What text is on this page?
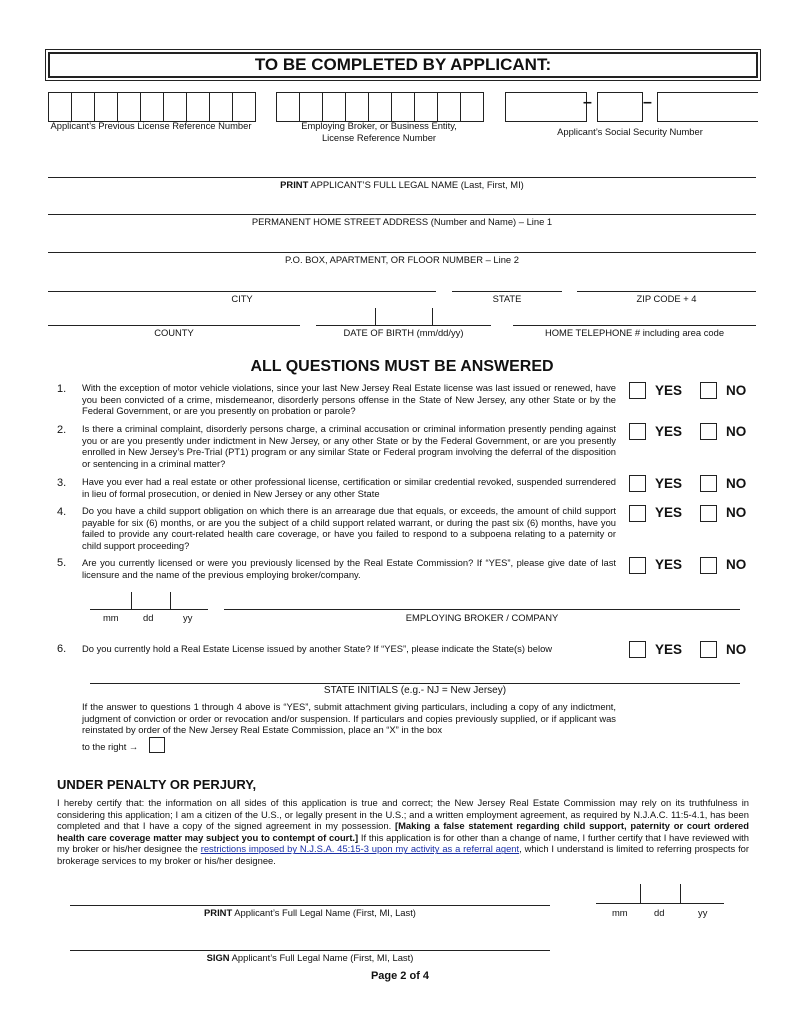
TO BE COMPLETED BY APPLICANT:
Applicant’s Previous License Reference Number	Employing Broker, or Business Entity, License Reference Number
–	–
Applicant’s Social Security Number
PRINT APPLICANT’S FULL LEGAL NAME (Last, First, MI)
PERMANENT HOME STREET ADDRESS (Number and Name) – Line 1
P.O. BOX, APARTMENT, OR FLOOR NUMBER – Line 2
CITY	STATE	ZIP CODE + 4
COUNTY	DATE OF BIRTH (mm/dd/yy)	HOME TELEPHONE # including area code
ALL QUESTIONS MUST BE ANSWERED
1. With the exception of motor vehicle violations, since your last New Jersey Real Estate license was last issued or renewed, have you been convicted of a crime, misdemeanor, disorderly persons offense in the State of New Jersey, any other State or by the Federal Government, or are you presently on probation or parole?
YES	NO
2. Is there a criminal complaint, disorderly persons charge, a criminal accusation or criminal information presently pending against you or are you presently under indictment in New Jersey, or any other State or by the Federal Government, or are you presently enrolled in New Jersey’s Pre-Trial (PT1) program or any similar State or Federal program involving the deferral of the disposition or sentencing in a criminal matter?
YES	NO
3. Have you ever had a real estate or other professional license, certification or similar credential revoked, suspended surrendered in lieu of formal prosecution, or denied in New Jersey or any other State
YES	NO
4. Do you have a child support obligation on which there is an arrearage due that equals, or exceeds, the amount of child support payable for six (6) months, or are you the subject of a child support related warrant, or during the past six (6) months, have you failed to provide any court-related health care coverage, or have you failed to respond to a subpoena relating to a paternity or child support proceeding?
YES	NO
5. Are you currently licensed or were you previously licensed by the Real Estate Commission? If “YES”, please give date of last licensure and the name of the previous employing broker/company.
YES	NO
mm	dd	yy	EMPLOYING BROKER / COMPANY
6. Do you currently hold a Real Estate License issued by another State? If “YES”, please indicate the State(s) below	YES	NO
STATE INITIALS (e.g.- NJ = New Jersey)
If the answer to questions 1 through 4 above is “YES”, submit attachment giving particulars, including a copy of any indictment, judgment of conviction or order or revocation and/or suspension. If particulars and copies previously supplied, or if applicant was reinstated by order of the New Jersey Real Estate Commission, place an “X” in the box
to the right →
UNDER PENALTY OR PERJURY,
I hereby certify that: the information on all sides of this application is true and correct; the New Jersey Real Estate Commission may rely on its truthfulness in considering this application; I am a citizen of the U.S., or legally present in the U.S.; and a written employment agreement, as required by N.J.A.C. 11:5-4.1, has been completed and that I have a copy of the signed agreement in my possession. [Making a false statement regarding child support, paternity or court ordered health care coverage matter may subject you to contempt of court.] If this application is for other than a change of name, I further certify that I have reviewed with my broker or his/her designee the restrictions imposed by N.J.S.A. 45:15-3 upon my activity as a referral agent, which I understand is limited to referring prospects for brokerage services to my broker or his/her designee.
PRINT Applicant’s Full Legal Name (First, MI, Last)	mm	dd	yy
SIGN Applicant’s Full Legal Name (First, MI, Last)
Page 2 of 4
